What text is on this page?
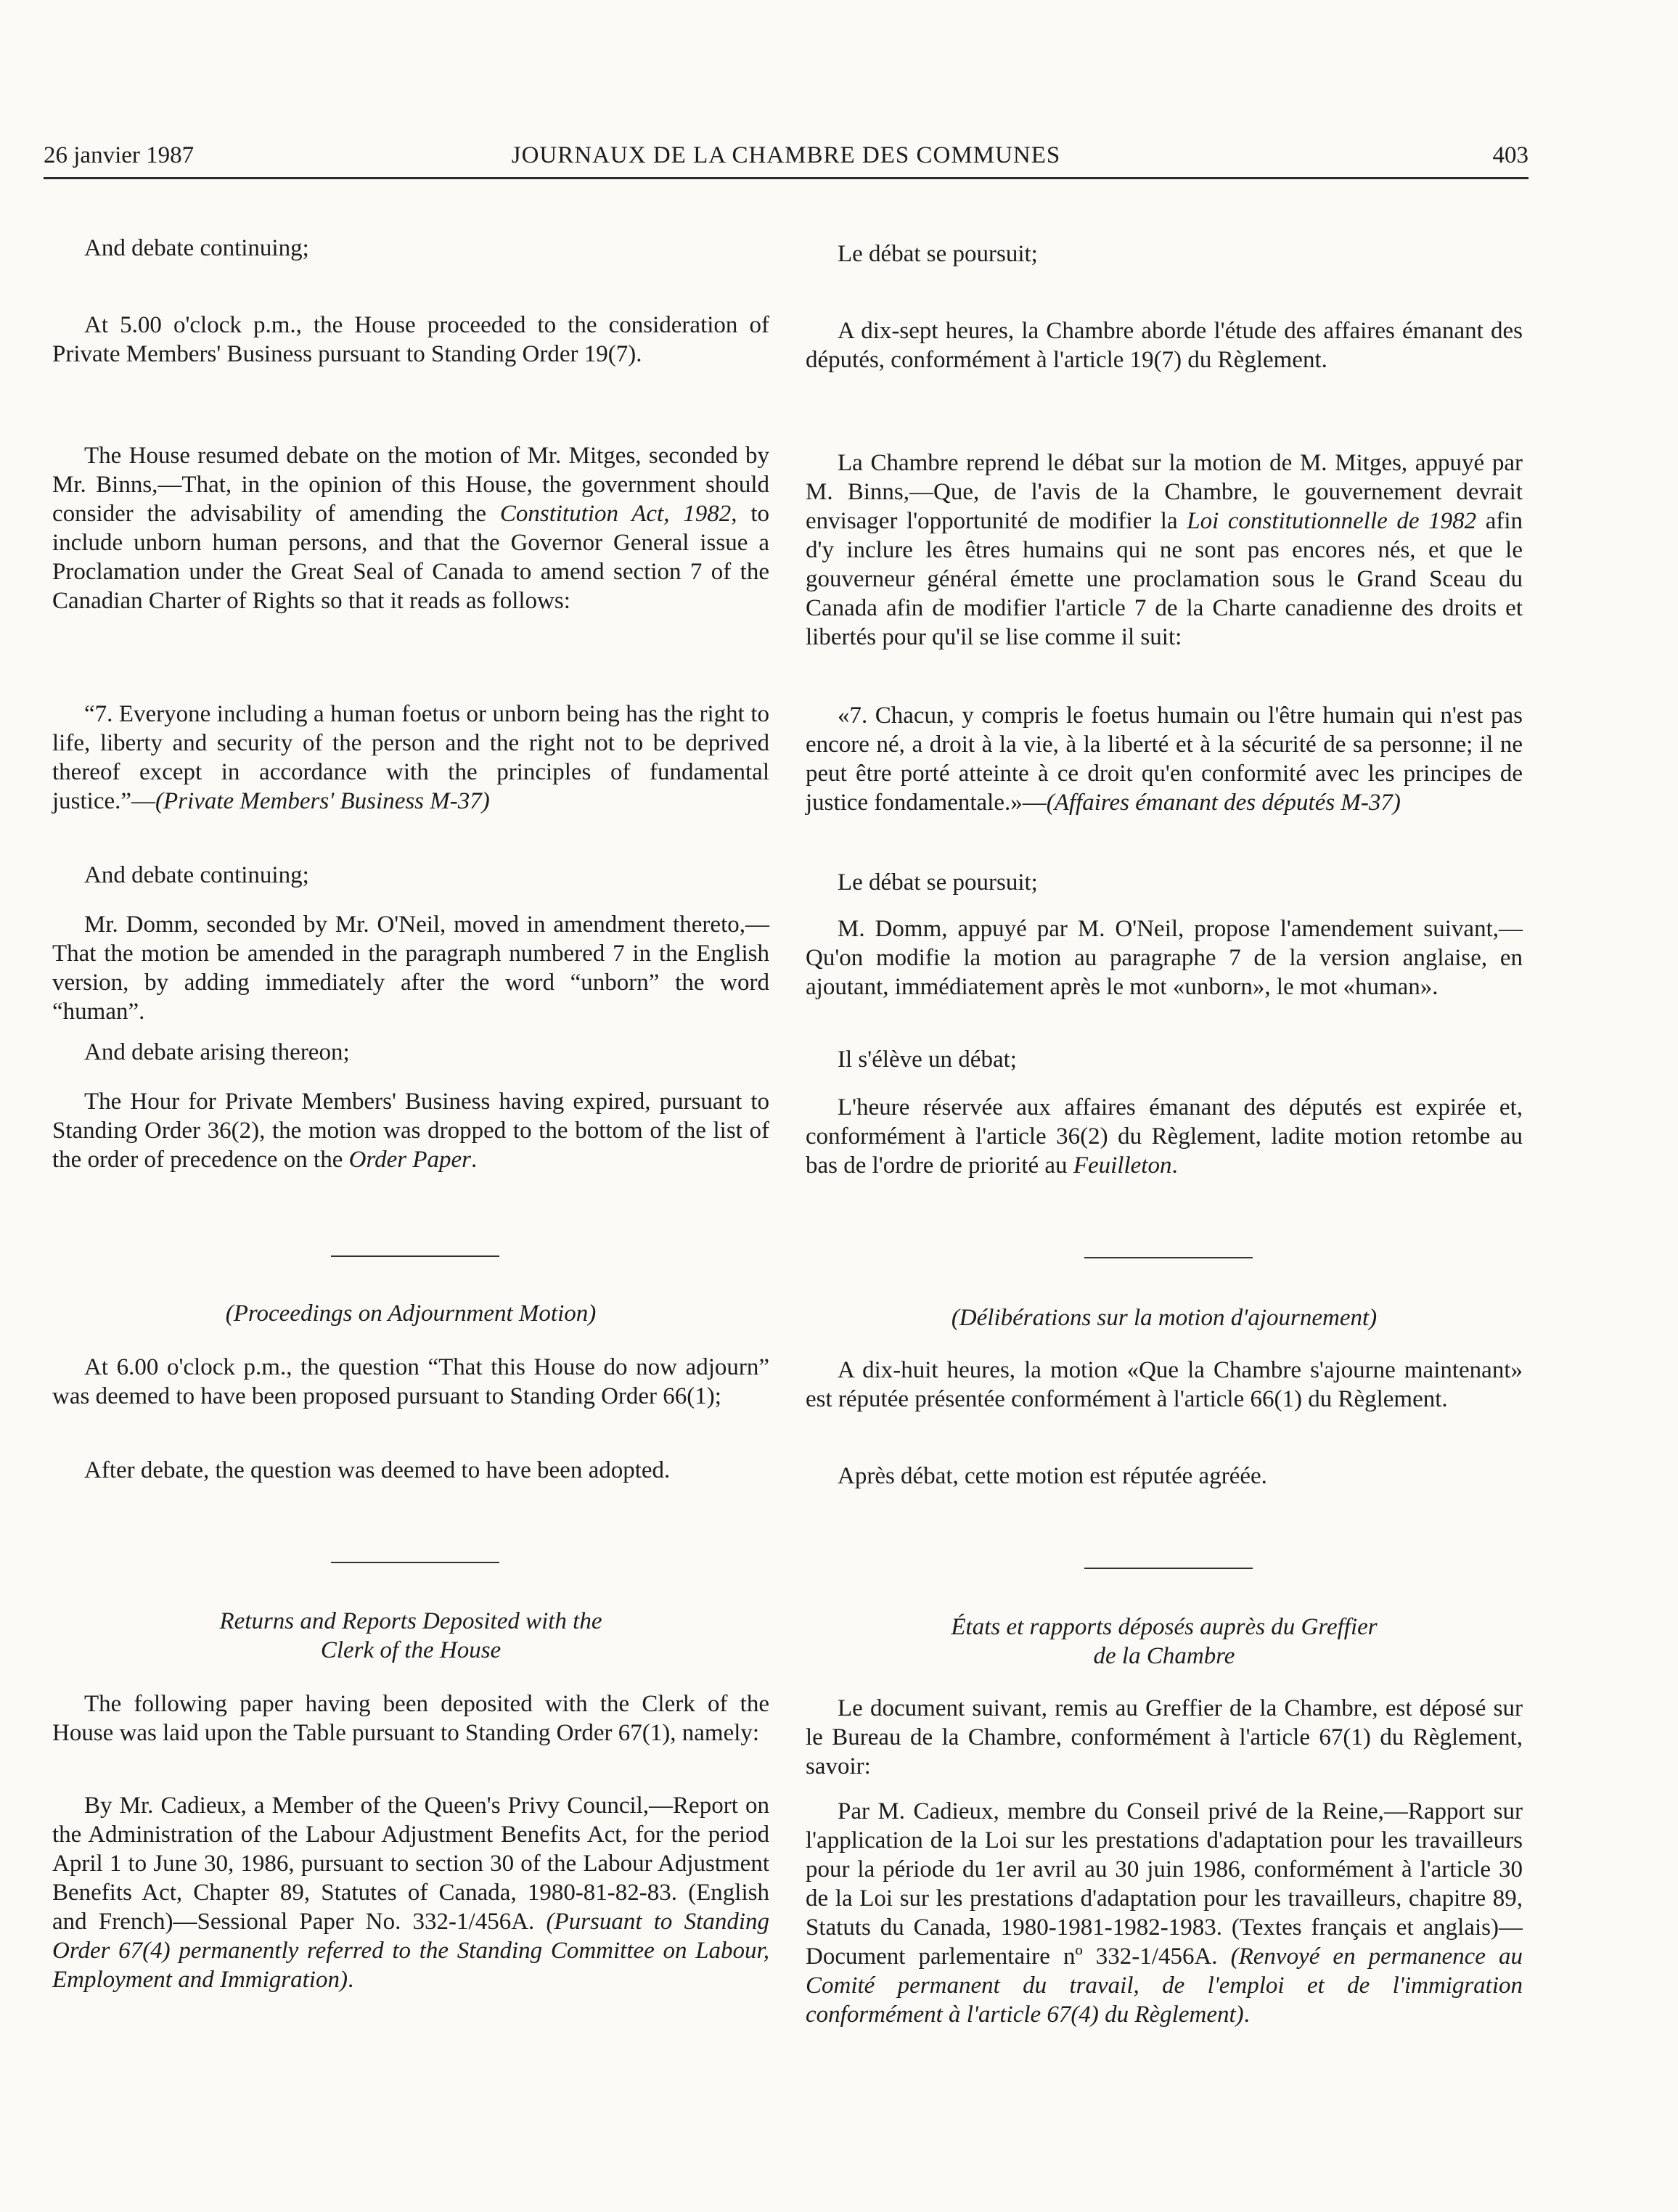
26 janvier 1987	JOURNAUX DE LA CHAMBRE DES COMMUNES	403

And debate continuing;

At 5.00 o'clock p.m., the House proceeded to the consideration of Private Members' Business pursuant to Standing Order 19(7).

The House resumed debate on the motion of Mr. Mitges, seconded by Mr. Binns,—That, in the opinion of this House, the government should consider the advisability of amending the Constitution Act, 1982, to include unborn human persons, and that the Governor General issue a Proclamation under the Great Seal of Canada to amend section 7 of the Canadian Charter of Rights so that it reads as follows:

“7. Everyone including a human foetus or unborn being has the right to life, liberty and security of the person and the right not to be deprived thereof except in accordance with the principles of fundamental justice.”—(Private Members' Business M-37)

And debate continuing;

Mr. Domm, seconded by Mr. O'Neil, moved in amendment thereto,—That the motion be amended in the paragraph numbered 7 in the English version, by adding immediately after the word “unborn” the word “human”.

And debate arising thereon;

The Hour for Private Members' Business having expired, pursuant to Standing Order 36(2), the motion was dropped to the bottom of the list of the order of precedence on the Order Paper.

(Proceedings on Adjournment Motion)

At 6.00 o'clock p.m., the question “That this House do now adjourn” was deemed to have been proposed pursuant to Standing Order 66(1);

After debate, the question was deemed to have been adopted.

Returns and Reports Deposited with the
Clerk of the House

The following paper having been deposited with the Clerk of the House was laid upon the Table pursuant to Standing Order 67(1), namely:

By Mr. Cadieux, a Member of the Queen's Privy Council,—Report on the Administration of the Labour Adjustment Benefits Act, for the period April 1 to June 30, 1986, pursuant to section 30 of the Labour Adjustment Benefits Act, Chapter 89, Statutes of Canada, 1980-81-82-83. (English and French)—Sessional Paper No. 332-1/456A. (Pursuant to Standing Order 67(4) permanently referred to the Standing Committee on Labour, Employment and Immigration).

Le débat se poursuit;

A dix-sept heures, la Chambre aborde l'étude des affaires émanant des députés, conformément à l'article 19(7) du Règlement.

La Chambre reprend le débat sur la motion de M. Mitges, appuyé par M. Binns,—Que, de l'avis de la Chambre, le gouvernement devrait envisager l'opportunité de modifier la Loi constitutionnelle de 1982 afin d'y inclure les êtres humains qui ne sont pas encores nés, et que le gouverneur général émette une proclamation sous le Grand Sceau du Canada afin de modifier l'article 7 de la Charte canadienne des droits et libertés pour qu'il se lise comme il suit:

«7. Chacun, y compris le foetus humain ou l'être humain qui n'est pas encore né, a droit à la vie, à la liberté et à la sécurité de sa personne; il ne peut être porté atteinte à ce droit qu'en conformité avec les principes de justice fondamentale.»—(Affaires émanant des députés M-37)

Le débat se poursuit;

M. Domm, appuyé par M. O'Neil, propose l'amendement suivant,—Qu'on modifie la motion au paragraphe 7 de la version anglaise, en ajoutant, immédiatement après le mot «unborn», le mot «human».

Il s'élève un débat;

L'heure réservée aux affaires émanant des députés est expirée et, conformément à l'article 36(2) du Règlement, ladite motion retombe au bas de l'ordre de priorité au Feuilleton.

(Délibérations sur la motion d'ajournement)

A dix-huit heures, la motion «Que la Chambre s'ajourne maintenant» est réputée présentée conformément à l'article 66(1) du Règlement.

Après débat, cette motion est réputée agréée.

États et rapports déposés auprès du Greffier
de la Chambre

Le document suivant, remis au Greffier de la Chambre, est déposé sur le Bureau de la Chambre, conformément à l'article 67(1) du Règlement, savoir:

Par M. Cadieux, membre du Conseil privé de la Reine,—Rapport sur l'application de la Loi sur les prestations d'adaptation pour les travailleurs pour la période du 1er avril au 30 juin 1986, conformément à l'article 30 de la Loi sur les prestations d'adaptation pour les travailleurs, chapitre 89, Statuts du Canada, 1980-1981-1982-1983. (Textes français et anglais)—Document parlementaire nº 332-1/456A. (Renvoyé en permanence au Comité permanent du travail, de l'emploi et de l'immigration conformément à l'article 67(4) du Règlement).
